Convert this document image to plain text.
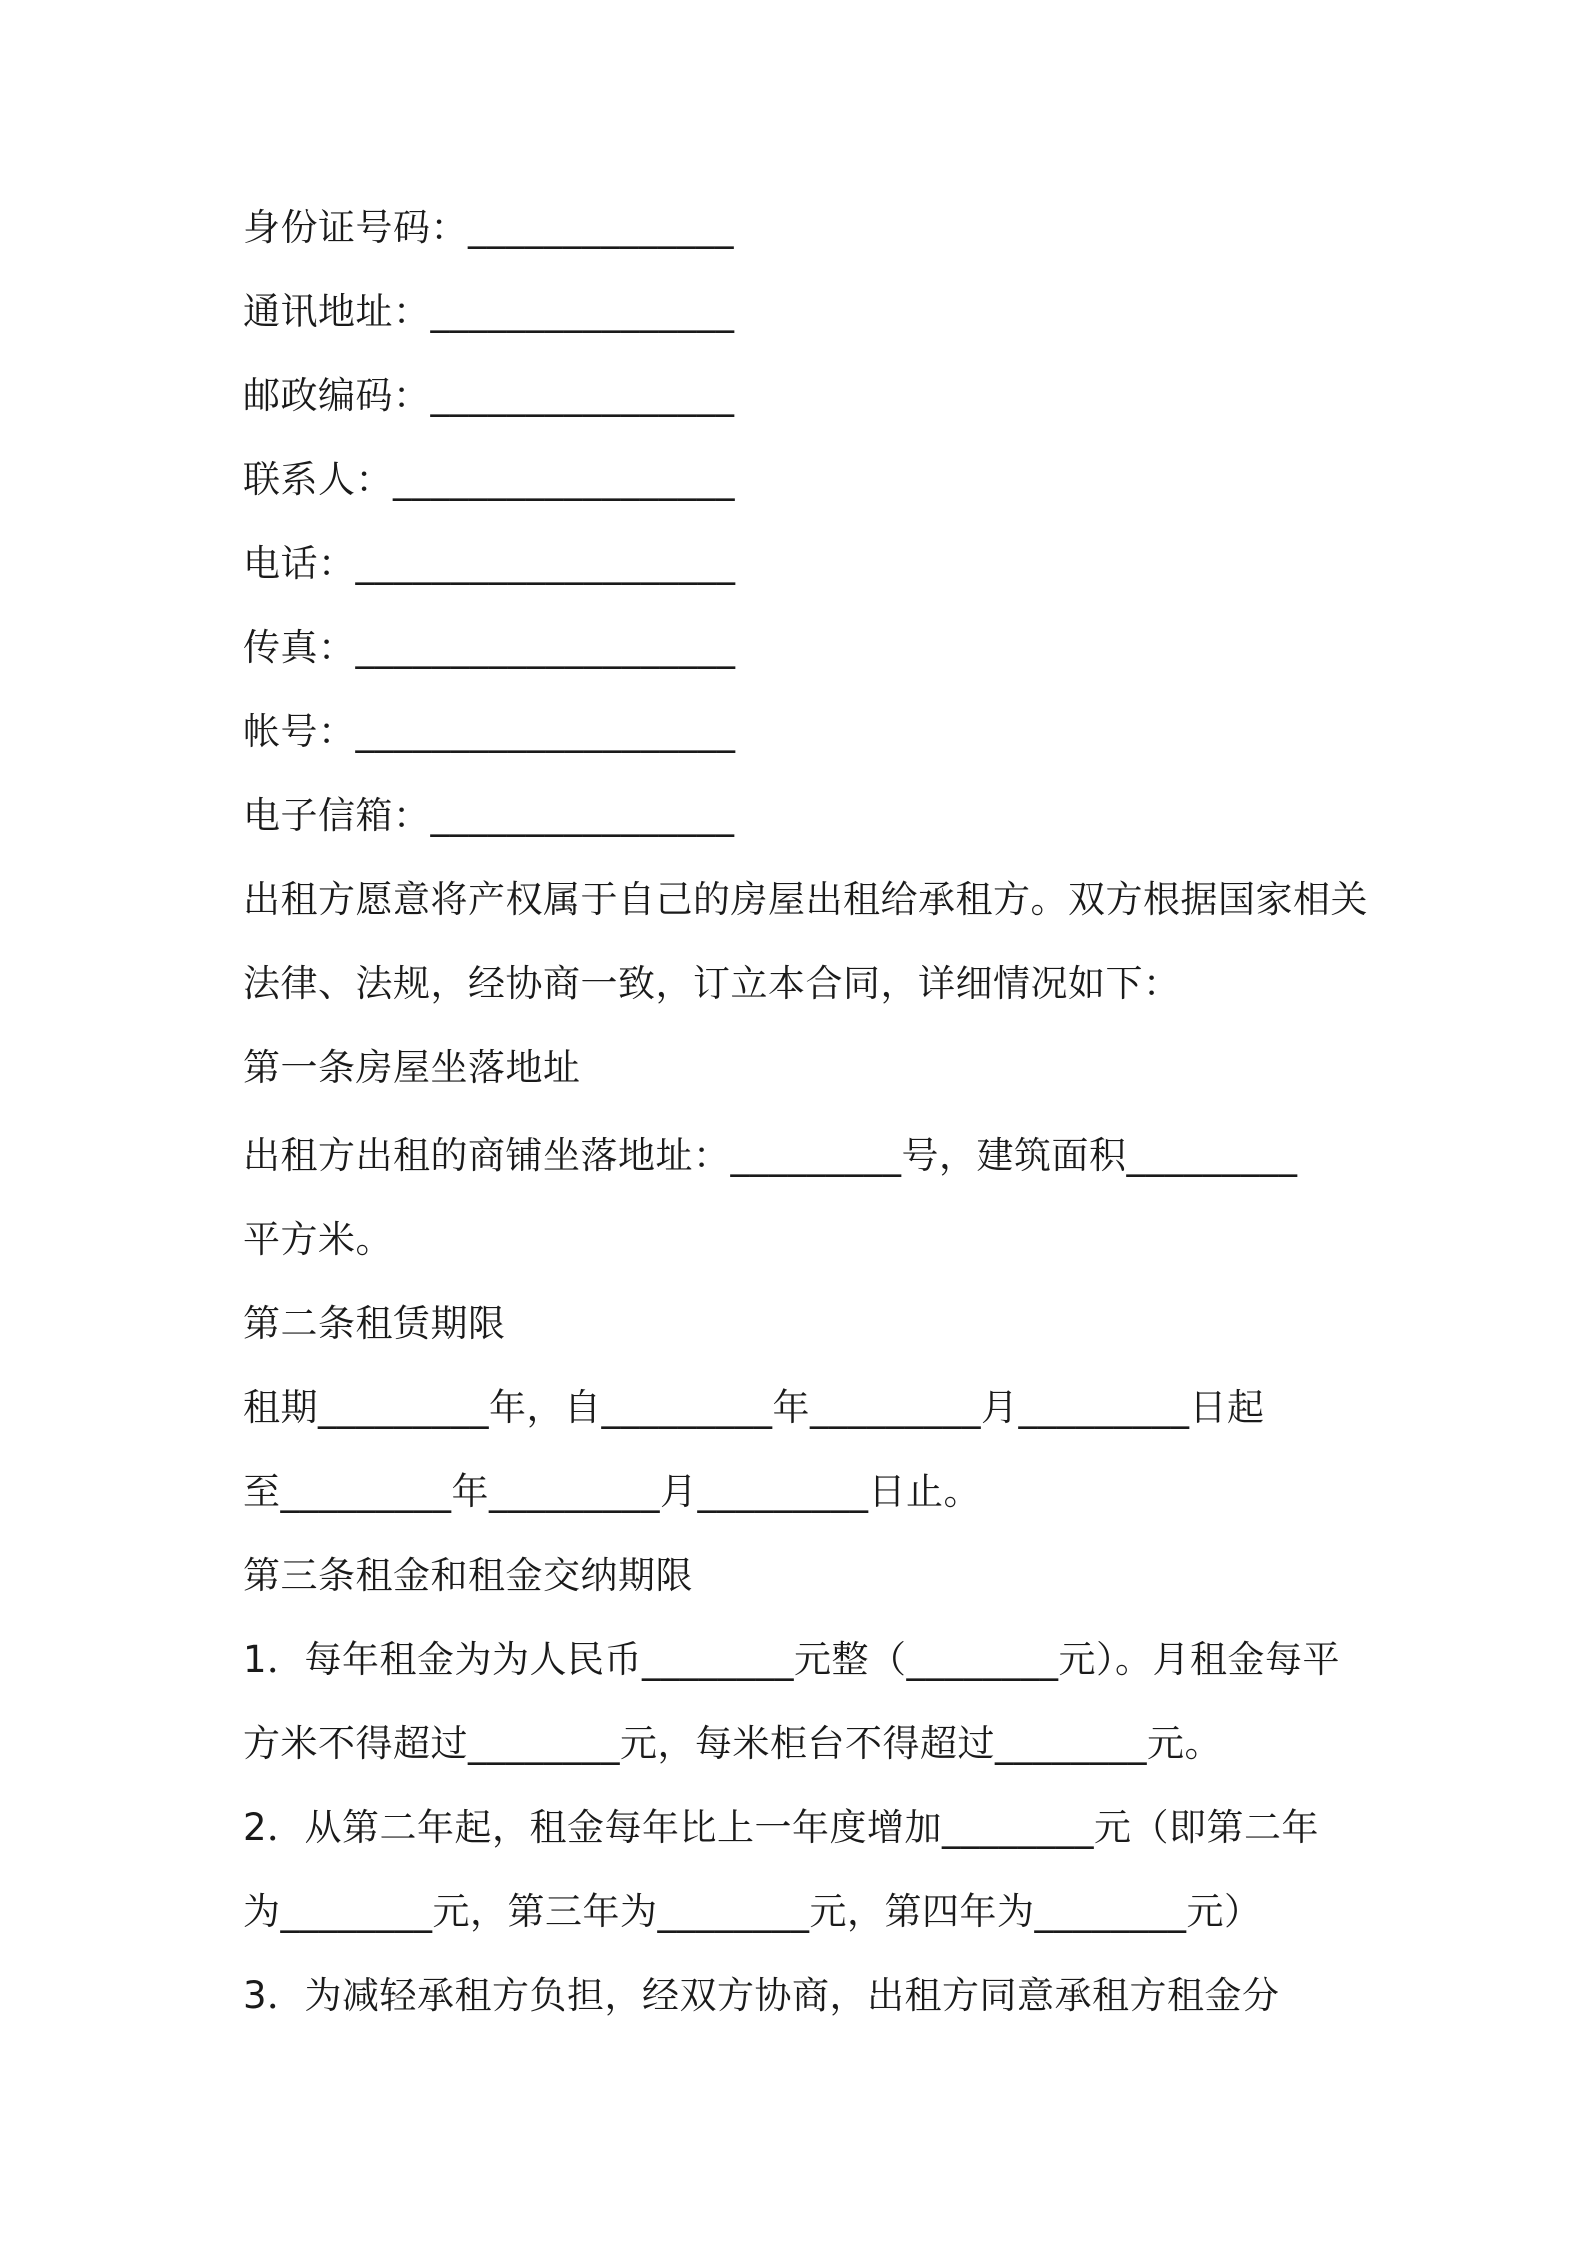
身份证号码：______________
通讯地址：________________
邮政编码：________________
联系人：__________________
电话：____________________
传真：____________________
帐号：____________________
电子信箱：________________
出租方愿意将产权属于自己的房屋出租给承租方。双方根据国家相关
法律、法规，经协商一致，订立本合同，详细情况如下：
第一条房屋坐落地址
出租方出租的商铺坐落地址：_________号，建筑面积_________
平方米。
第二条租赁期限
租期_________年，自_________年_________月_________日起
至_________年_________月_________日止。
第三条租金和租金交纳期限
1．每年租金为为人民币________元整（________元）。月租金每平
方米不得超过________元，每米柜台不得超过________元。
2．从第二年起，租金每年比上一年度增加________元（即第二年
为________元，第三年为________元，第四年为________元）
3．为减轻承租方负担，经双方协商，出租方同意承租方租金分
